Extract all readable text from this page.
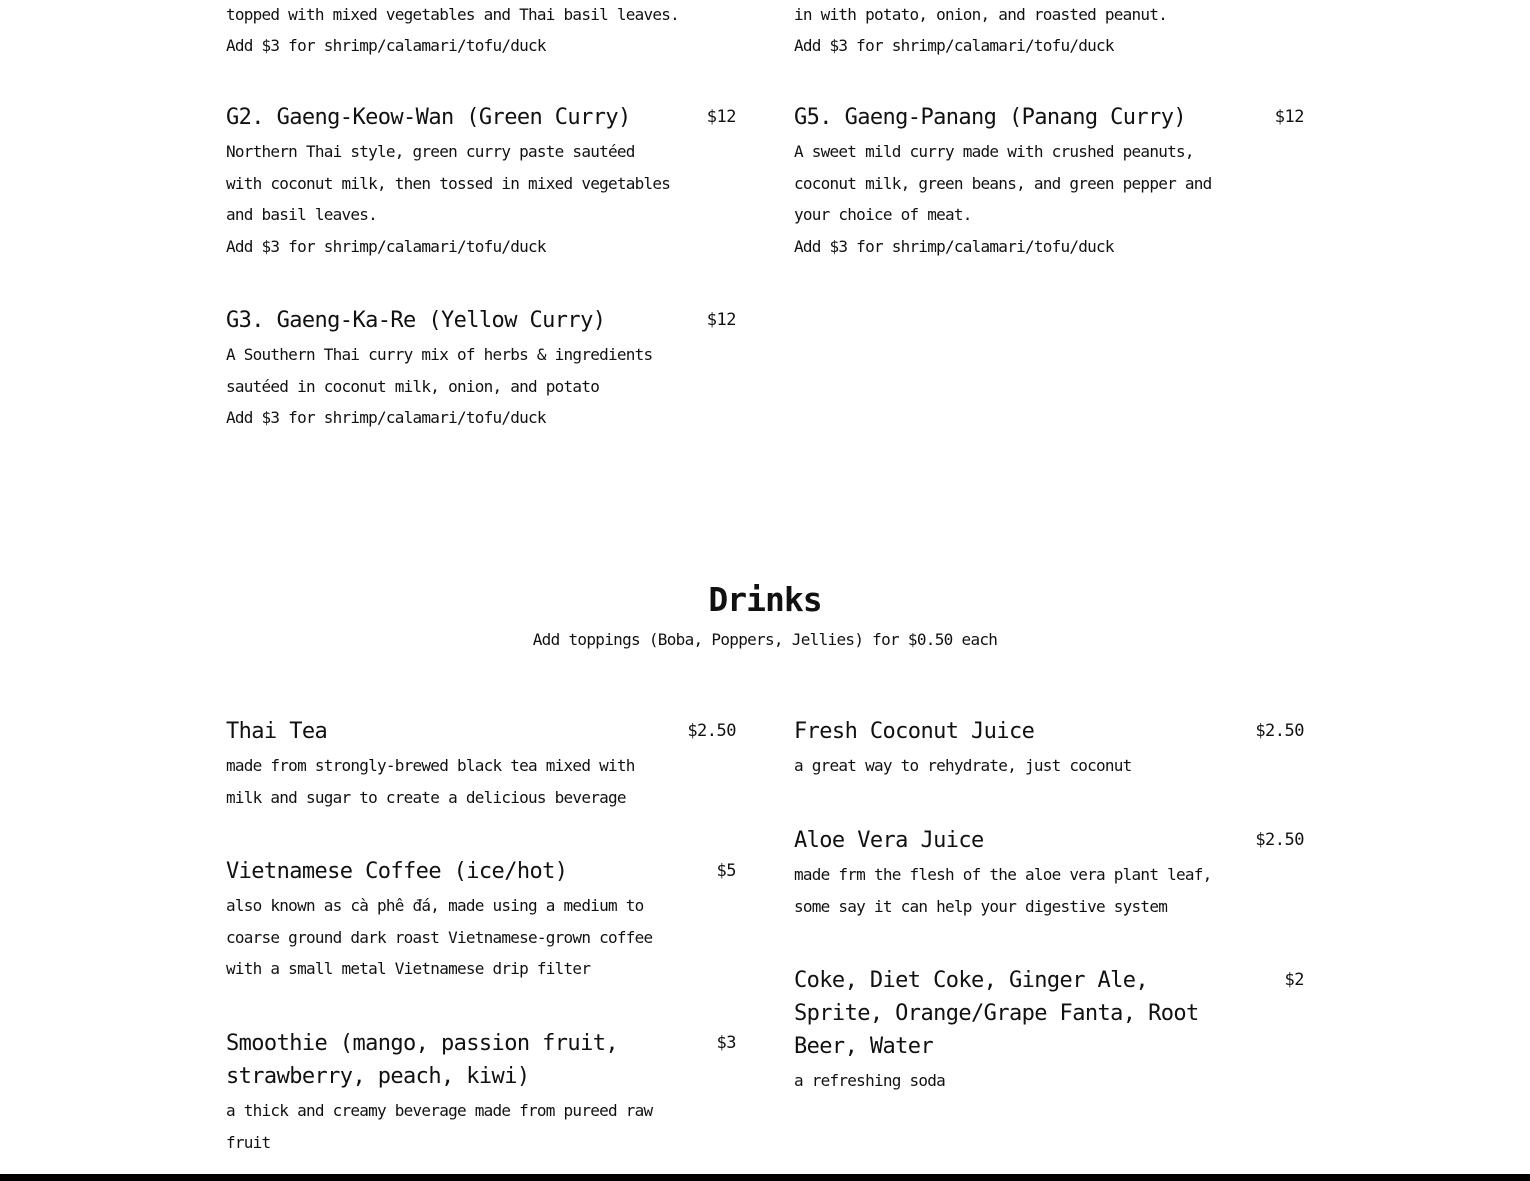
topped with mixed vegetables and Thai basil leaves.
Add $3 for shrimp/calamari/tofu/duck
in with potato, onion, and roasted peanut.
Add $3 for shrimp/calamari/tofu/duck
G2. Gaeng-Keow-Wan (Green Curry)	$12
Northern Thai style, green curry paste sautéed with coconut milk, then tossed in mixed vegetables and basil leaves.
Add $3 for shrimp/calamari/tofu/duck
G3. Gaeng-Ka-Re (Yellow Curry)	$12
A Southern Thai curry mix of herbs & ingredients sautéed in coconut milk, onion, and potato
Add $3 for shrimp/calamari/tofu/duck
G5. Gaeng-Panang (Panang Curry)	$12
A sweet mild curry made with crushed peanuts, coconut milk, green beans, and green pepper and your choice of meat.
Add $3 for shrimp/calamari/tofu/duck
Drinks

Add toppings (Boba, Poppers, Jellies) for $0.50 each

Thai Tea	$2.50
made from strongly-brewed black tea mixed with milk and sugar to create a delicious beverage
Vietnamese Coffee (ice/hot)	$5
also known as cà phê đá, made using a medium to coarse ground dark roast Vietnamese-grown coffee with a small metal Vietnamese drip filter
Smoothie (mango, passion fruit, strawberry, peach, kiwi)
$3
a thick and creamy beverage made from pureed raw fruit
Fresh Coconut Juice	$2.50
a great way to rehydrate, just coconut
Aloe Vera Juice	$2.50
made frm the flesh of the aloe vera plant leaf, some say it can help your digestive system
Coke, Diet Coke, Ginger Ale, Sprite, Orange/Grape Fanta, Root Beer, Water
$2
a refreshing soda
